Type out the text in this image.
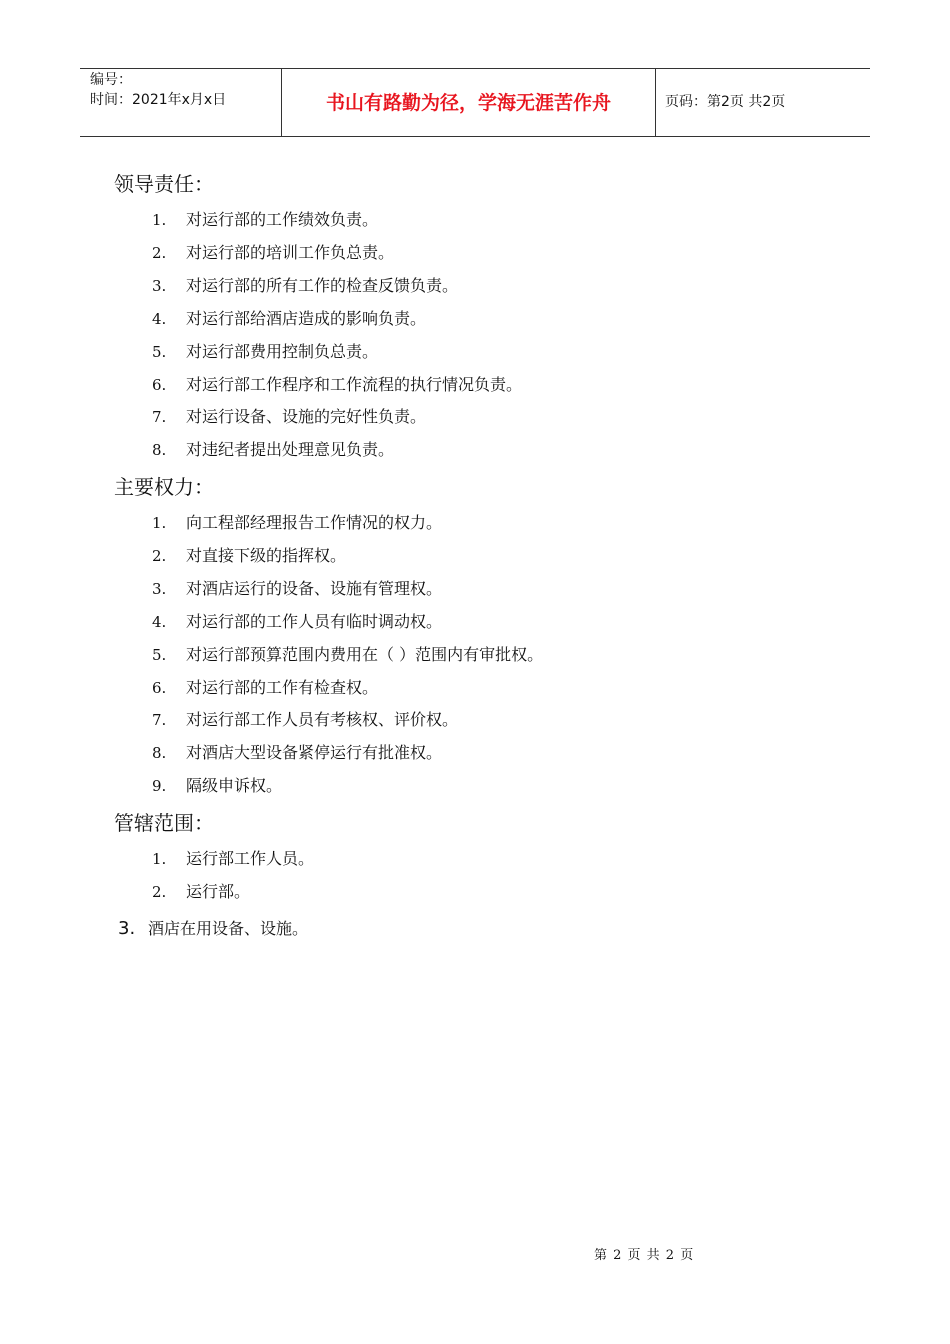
编号：
时间：2021年x月x日	书山有路勤为径，学海无涯苦作舟	页码：第2页 共2页
领导责任：
1. 对运行部的工作绩效负责。
2. 对运行部的培训工作负总责。
3. 对运行部的所有工作的检查反馈负责。
4. 对运行部给酒店造成的影响负责。
5. 对运行部费用控制负总责。
6. 对运行部工作程序和工作流程的执行情况负责。
7. 对运行设备、设施的完好性负责。
8. 对违纪者提出处理意见负责。
主要权力：
1. 向工程部经理报告工作情况的权力。
2. 对直接下级的指挥权。
3. 对酒店运行的设备、设施有管理权。
4. 对运行部的工作人员有临时调动权。
5. 对运行部预算范围内费用在（ ）范围内有审批权。
6. 对运行部的工作有检查权。
7. 对运行部工作人员有考核权、评价权。
8. 对酒店大型设备紧停运行有批准权。
9. 隔级申诉权。
管辖范围：
1. 运行部工作人员。
2. 运行部。
3. 酒店在用设备、设施。
第 2 页 共 2 页
